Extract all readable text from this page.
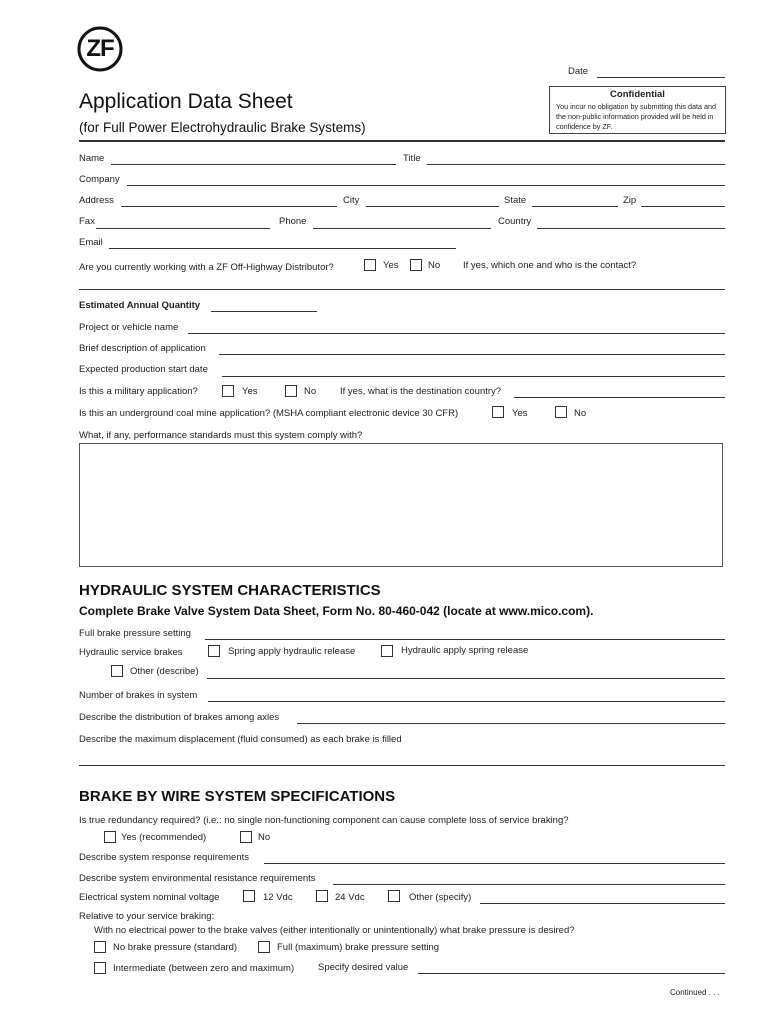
ZF
Date
Confidential
You incur no obligation by submitting this data and the non-public information provided will be held in confidence by ZF.
Application Data Sheet
(for Full Power Electrohydraulic Brake Systems)
Name	Title
Company
Address	City	State	Zip
Fax	Phone	Country
Email
Are you currently working with a ZF Off-Highway Distributor?	Yes	No If yes, which one and who is the contact?
Estimated Annual Quantity
Project or vehicle name
Brief description of application
Expected production start date
Is this a military application?	Yes	No	If yes, what is the destination country?
Is this an underground coal mine application? (MSHA compliant electronic device 30 CFR)	Yes	No
What, if any, performance standards must this system comply with?
HYDRAULIC SYSTEM CHARACTERISTICS
Complete Brake Valve System Data Sheet, Form No. 80-460-042 (locate at www.mico.com).
Full brake pressure setting
Hydraulic service brakes	Spring apply hydraulic release	Hydraulic apply spring release
Other (describe)
Number of brakes in system
Describe the distribution of brakes among axles
Describe the maximum displacement (fluid consumed) as each brake is filled
BRAKE BY WIRE SYSTEM SPECIFICATIONS
Is true redundancy required? (i.e.: no single non-functioning component can cause complete loss of service braking?
Yes (recommended)	No
Describe system response requirements
Describe system environmental resistance requirements
Electrical system nominal voltage	12 Vdc	24 Vdc	Other (specify)
Relative to your service braking:
With no electrical power to the brake valves (either intentionally or unintentionally) what brake pressure is desired?
No brake pressure (standard)	Full (maximum) brake pressure setting
Intermediate (between zero and maximum)	Specify desired value
Continued . . .
